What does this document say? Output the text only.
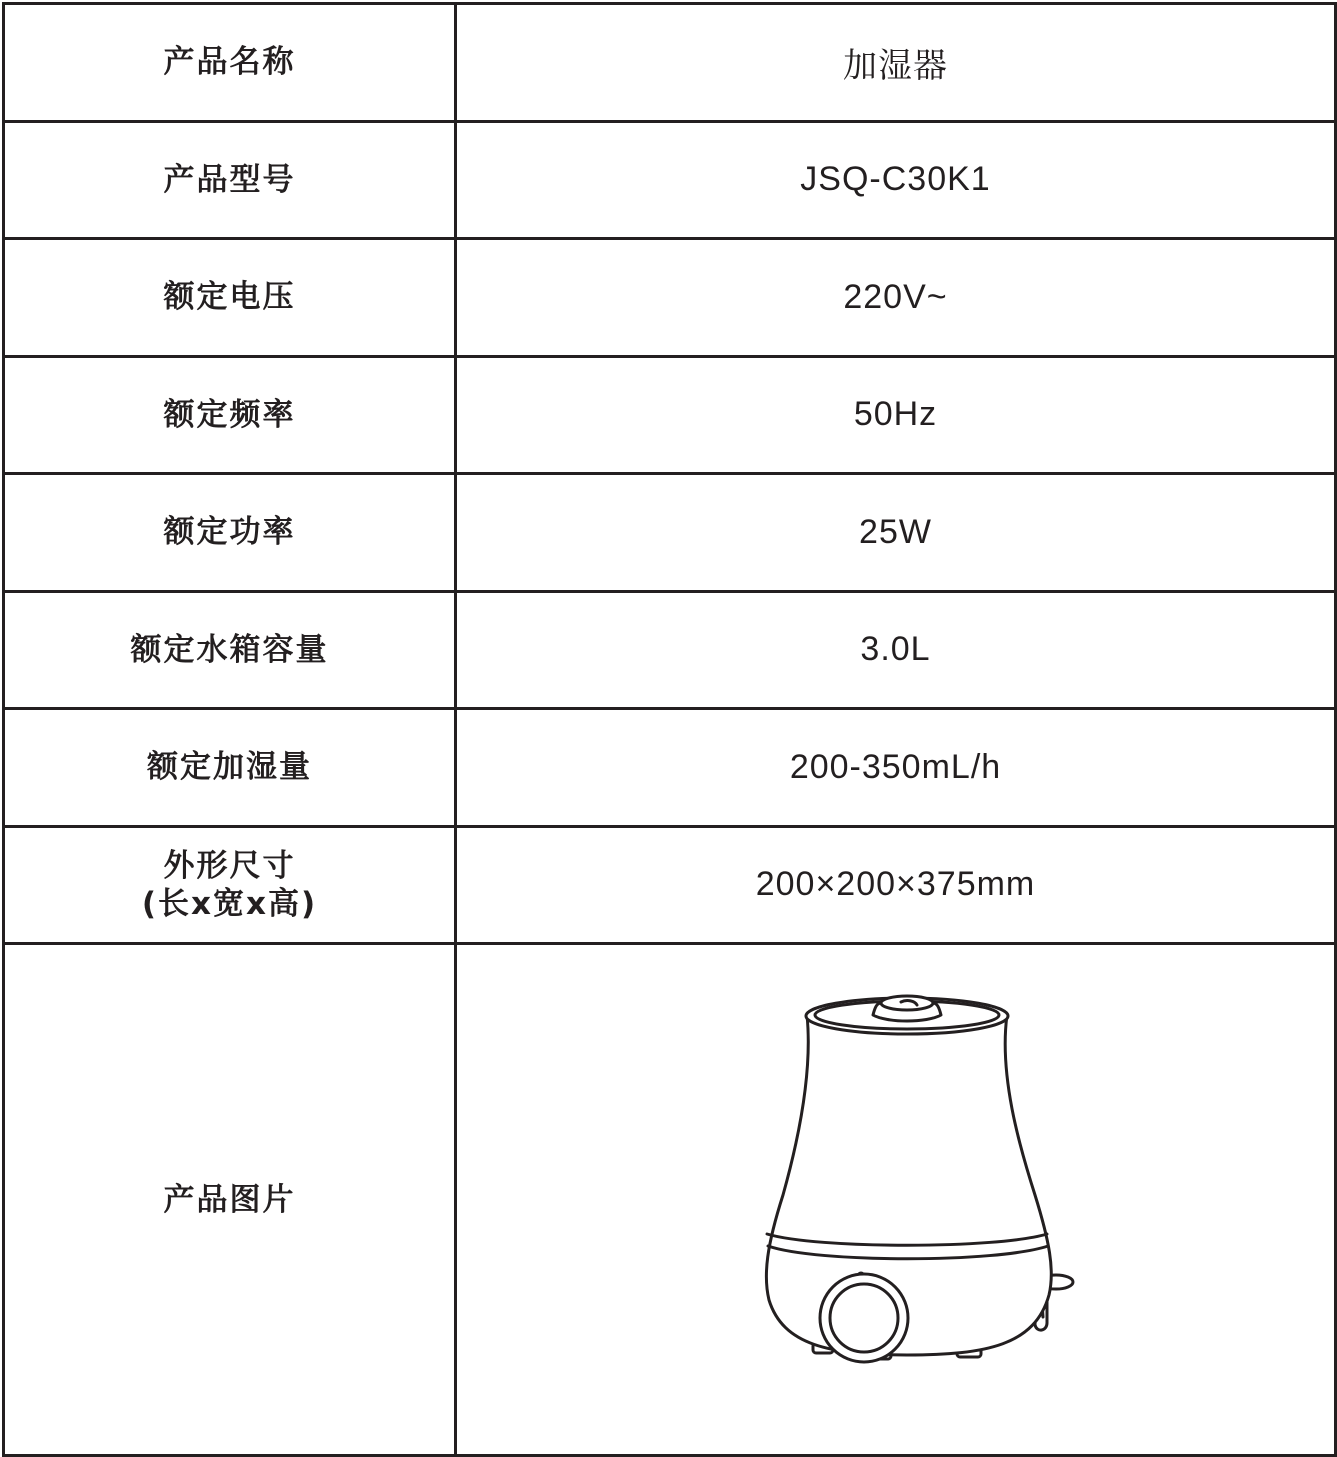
产品名称	加湿器
产品型号	JSQ-C30K1
额定电压	220V~
额定频率	50Hz
额定功率	25W
额定水箱容量	3.0L
额定加湿量	200-350mL/h

外形尺寸
(长x宽x高)	200×200×375mm
产品图片	
